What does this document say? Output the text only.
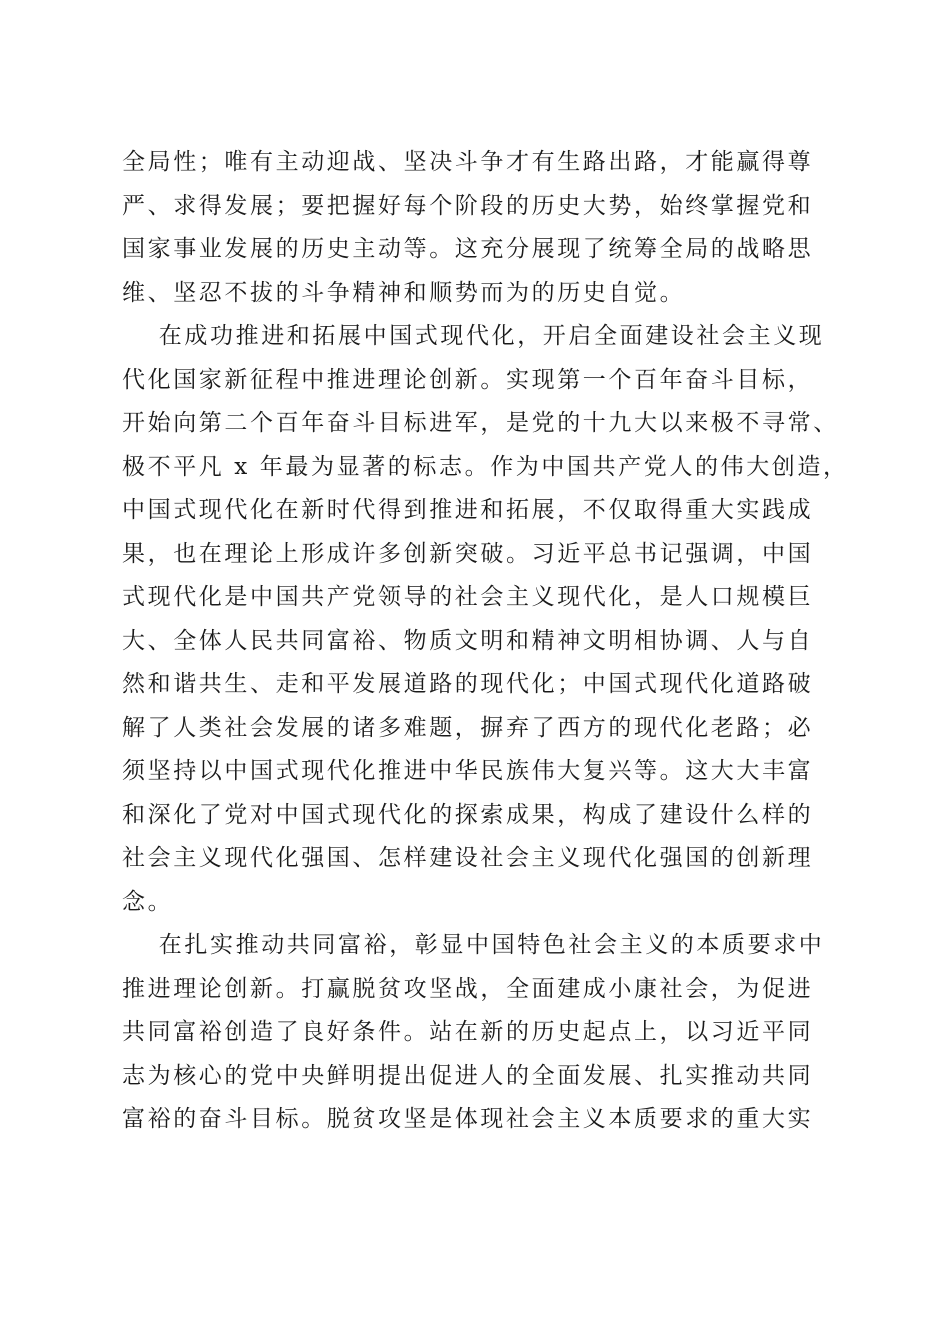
全局性；唯有主动迎战、坚决斗争才有生路出路，才能赢得尊
严、求得发展；要把握好每个阶段的历史大势，始终掌握党和
国家事业发展的历史主动等。这充分展现了统筹全局的战略思
维、坚忍不拔的斗争精神和顺势而为的历史自觉。
在成功推进和拓展中国式现代化，开启全面建设社会主义现
代化国家新征程中推进理论创新。实现第一个百年奋斗目标，
开始向第二个百年奋斗目标进军，是党的十九大以来极不寻常、
极不平凡 x 年最为显著的标志。作为中国共产党人的伟大创造，
中国式现代化在新时代得到推进和拓展，不仅取得重大实践成
果，也在理论上形成许多创新突破。习近平总书记强调，中国
式现代化是中国共产党领导的社会主义现代化，是人口规模巨
大、全体人民共同富裕、物质文明和精神文明相协调、人与自
然和谐共生、走和平发展道路的现代化；中国式现代化道路破
解了人类社会发展的诸多难题，摒弃了西方的现代化老路；必
须坚持以中国式现代化推进中华民族伟大复兴等。这大大丰富
和深化了党对中国式现代化的探索成果，构成了建设什么样的
社会主义现代化强国、怎样建设社会主义现代化强国的创新理
念。
在扎实推动共同富裕，彰显中国特色社会主义的本质要求中
推进理论创新。打赢脱贫攻坚战，全面建成小康社会，为促进
共同富裕创造了良好条件。站在新的历史起点上，以习近平同
志为核心的党中央鲜明提出促进人的全面发展、扎实推动共同
富裕的奋斗目标。脱贫攻坚是体现社会主义本质要求的重大实
